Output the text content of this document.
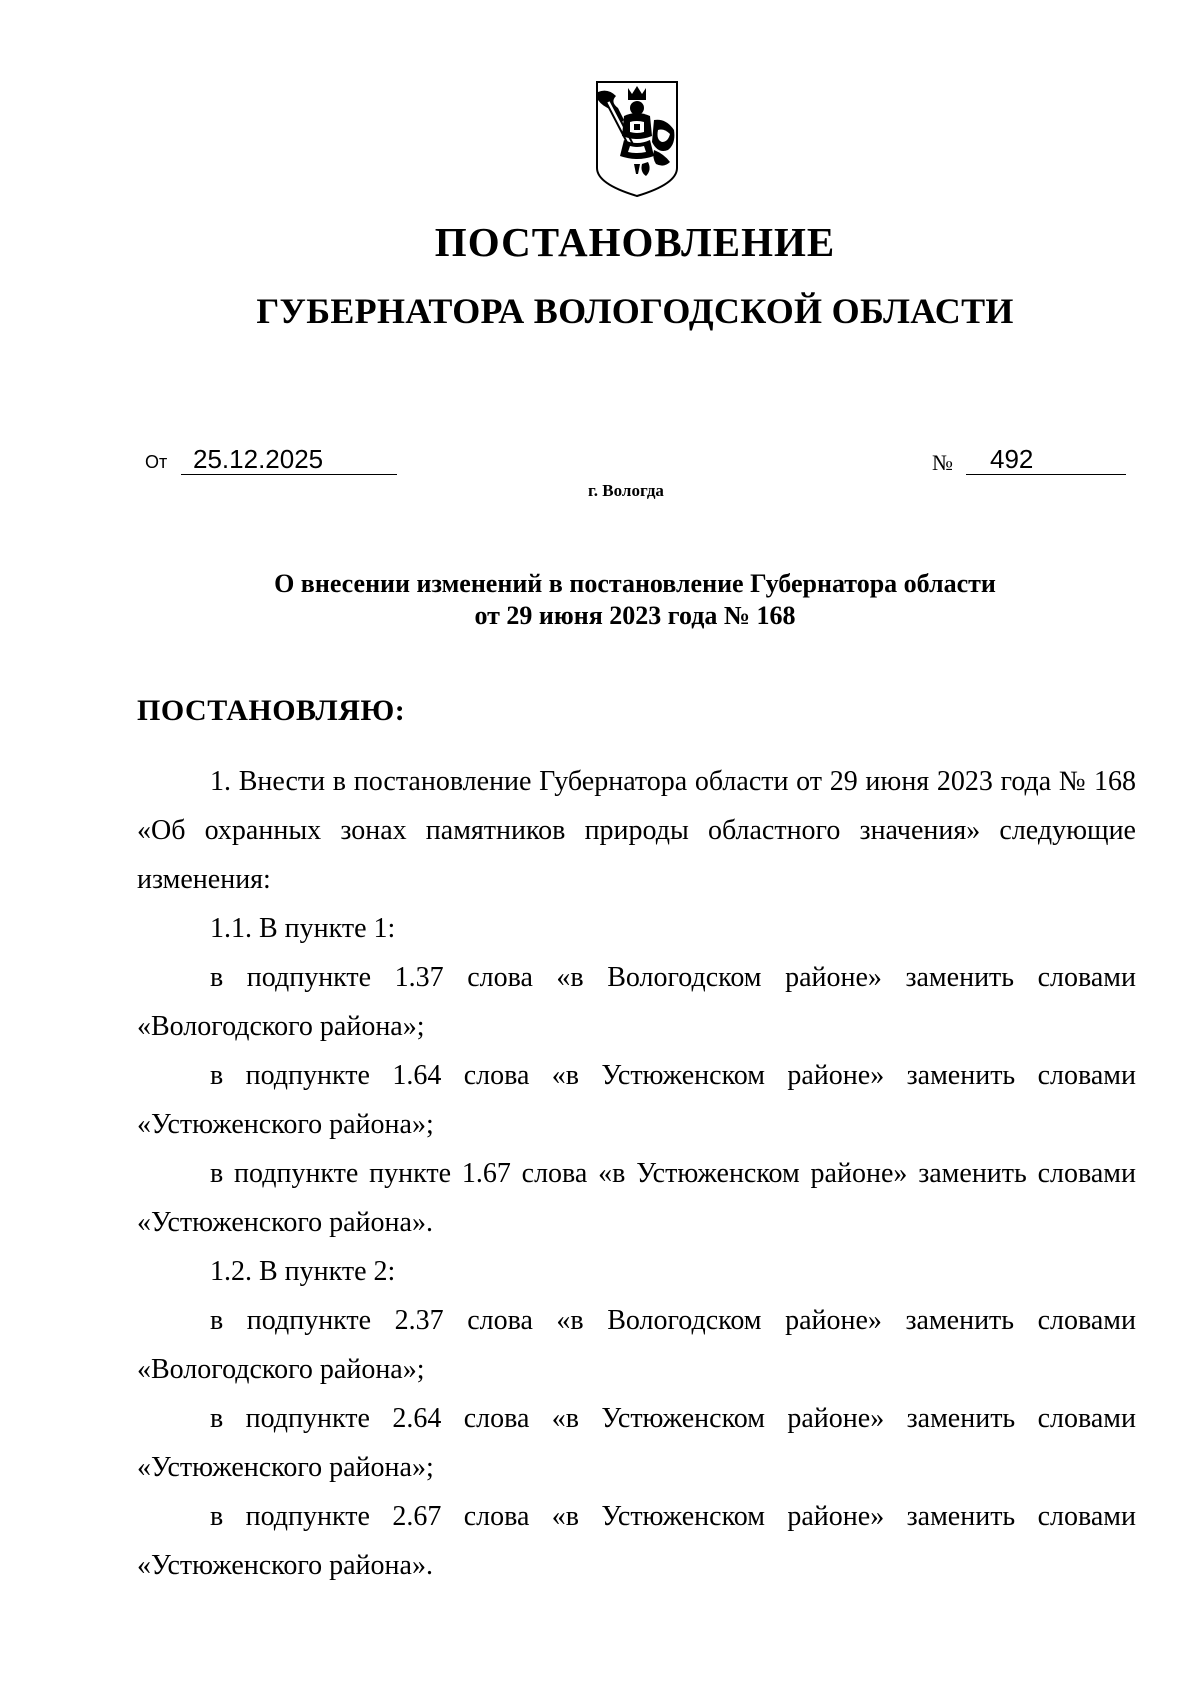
ПОСТАНОВЛЕНИЕ
ГУБЕРНАТОРА ВОЛОГОДСКОЙ ОБЛАСТИ
От 25.12.2025	№	492
г. Вологда
О внесении изменений в постановление Губернатора области
от 29 июня 2023 года № 168
ПОСТАНОВЛЯЮ:

1. Внести в постановление Губернатора области от 29 июня 2023 года № 168 «Об охранных зонах памятников природы областного значения» следующие изменения:

1.1. В пункте 1:

в подпункте 1.37 слова «в Вологодском районе» заменить словами «Вологодского района»;

в подпункте 1.64 слова «в Устюженском районе» заменить словами «Устюженского района»;

в подпункте пункте 1.67 слова «в Устюженском районе» заменить словами «Устюженского района».

1.2. В пункте 2:

в подпункте 2.37 слова «в Вологодском районе» заменить словами «Вологодского района»;

в подпункте 2.64 слова «в Устюженском районе» заменить словами «Устюженского района»;

в подпункте 2.67 слова «в Устюженском районе» заменить словами «Устюженского района».
